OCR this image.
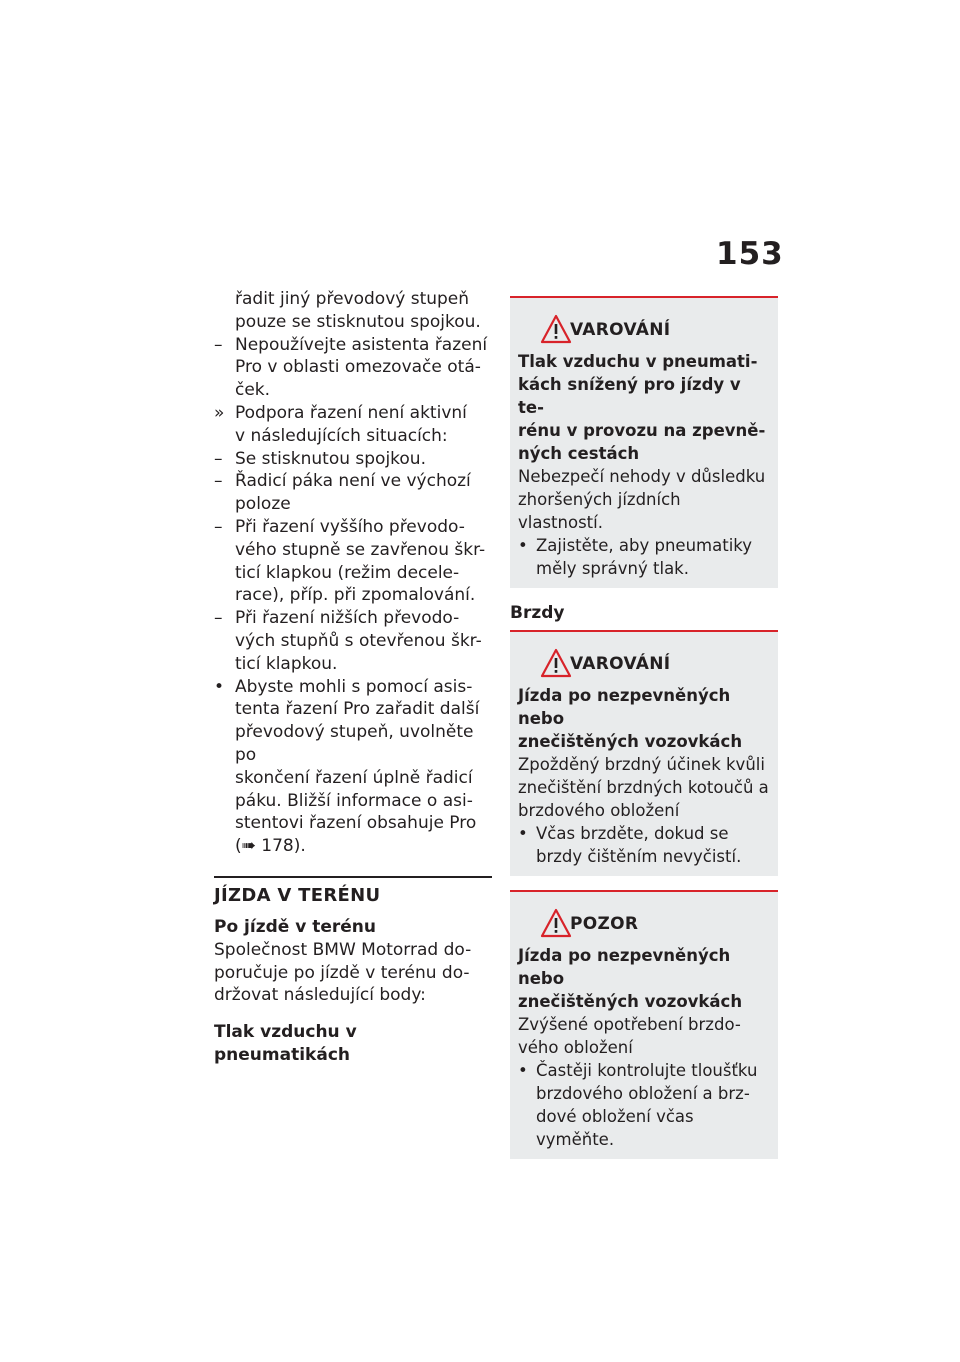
153
řadit jiný převodový stupeň
pouze se stisknutou spojkou.
– Nepoužívejte asistenta řazení
Pro v oblasti omezovače otá-
ček.
» Podpora řazení není aktivní
v následujících situacích:
– Se stisknutou spojkou.
– Řadicí páka není ve výchozí
poloze
– Při řazení vyššího převodo-
vého stupně se zavřenou škr-
ticí klapkou (režim decele-
race), příp. při zpomalování.
– Při řazení nižších převodo-
vých stupňů s otevřenou škr-
ticí klapkou.
• Abyste mohli s pomocí asis-
tenta řazení Pro zařadit další
převodový stupeň, uvolněte po
skončení řazení úplně řadicí
páku. Bližší informace o asi-
stentovi řazení obsahuje Pro
(➠ 178).
JÍZDA V TERÉNU
Po jízdě v terénu
Společnost BMW Motorrad do-
poručuje po jízdě v terénu do-
držovat následující body:
Tlak vzduchu v pneumatikách
VAROVÁNÍ
Tlak vzduchu v pneumati-
kách snížený pro jízdy v te-
rénu v provozu na zpevně-
ných cestách
Nebezpečí nehody v důsledku
zhoršených jízdních vlastností.
• Zajistěte, aby pneumatiky
měly správný tlak.
Brzdy
VAROVÁNÍ
Jízda po nezpevněných nebo
znečištěných vozovkách
Zpožděný brzdný účinek kvůli
znečištění brzdných kotoučů a
brzdového obložení
• Včas brzděte, dokud se
brzdy čištěním nevyčistí.
POZOR
Jízda po nezpevněných nebo
znečištěných vozovkách
Zvýšené opotřebení brzdo-
vého obložení
• Častěji kontrolujte tloušťku
brzdového obložení a brz-
dové obložení včas vyměňte.
